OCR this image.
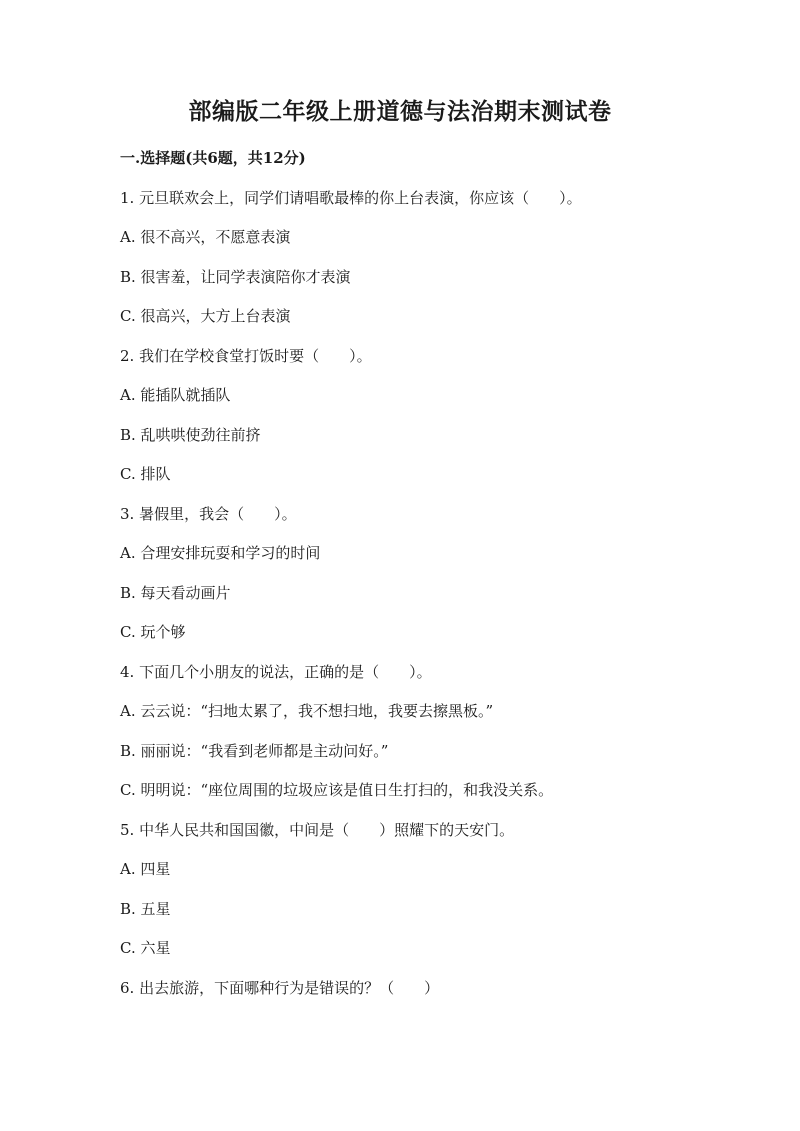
部编版二年级上册道德与法治期末测试卷
一.选择题(共6题，共12分)

1. 元旦联欢会上，同学们请唱歌最棒的你上台表演，你应该（　　）。

A. 很不高兴，不愿意表演

B. 很害羞，让同学表演陪你才表演

C. 很高兴，大方上台表演

2. 我们在学校食堂打饭时要（　　）。

A. 能插队就插队

B. 乱哄哄使劲往前挤

C. 排队

3. 暑假里，我会（　　）。

A. 合理安排玩耍和学习的时间

B. 每天看动画片

C. 玩个够

4. 下面几个小朋友的说法，正确的是（　　）。

A. 云云说：“扫地太累了，我不想扫地，我要去擦黑板。”

B. 丽丽说：“我看到老师都是主动问好。”

C. 明明说：“座位周围的垃圾应该是值日生打扫的，和我没关系。

5. 中华人民共和国国徽，中间是（　　）照耀下的天安门。

A. 四星

B. 五星

C. 六星

6. 出去旅游，下面哪种行为是错误的？（　　）
